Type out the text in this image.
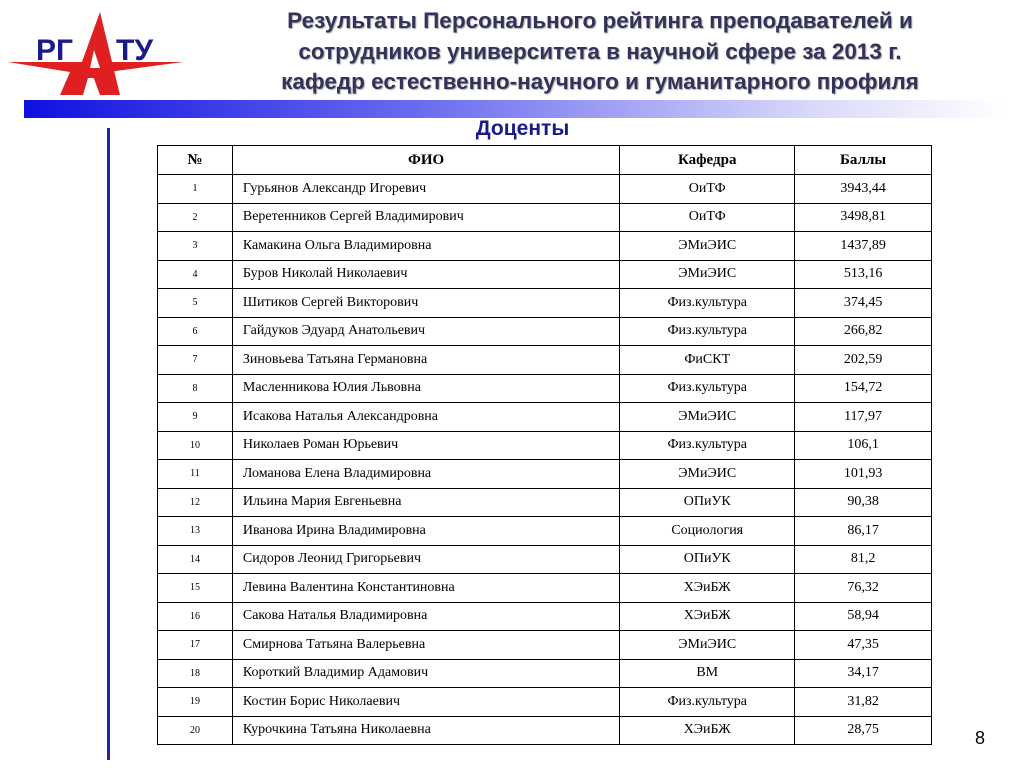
РГ ТУ
Результаты Персонального рейтинга преподавателей и
сотрудников университета в научной сфере за 2013 г.
кафедр естественно-научного и гуманитарного профиля
Доценты
№	ФИО	Кафедра	Баллы
1	Гурьянов Александр Игоревич	ОиТФ	3943,44
2	Веретенников Сергей Владимирович	ОиТФ	3498,81
3	Камакина Ольга Владимировна	ЭМиЭИС	1437,89
4	Буров Николай Николаевич	ЭМиЭИС	513,16
5	Шитиков Сергей Викторович	Физ.культура	374,45
6	Гайдуков Эдуард Анатольевич	Физ.культура	266,82
7	Зиновьева Татьяна Германовна	ФиСКТ	202,59
8	Масленникова Юлия Львовна	Физ.культура	154,72
9	Исакова Наталья Александровна	ЭМиЭИС	117,97
10	Николаев Роман Юрьевич	Физ.культура	106,1
11	Ломанова Елена Владимировна	ЭМиЭИС	101,93
12	Ильина Мария Евгеньевна	ОПиУК	90,38
13	Иванова Ирина Владимировна	Социология	86,17
14	Сидоров Леонид Григорьевич	ОПиУК	81,2
15	Левина Валентина Константиновна	ХЭиБЖ	76,32
16	Сакова Наталья Владимировна	ХЭиБЖ	58,94
17	Смирнова Татьяна Валерьевна	ЭМиЭИС	47,35
18	Короткий Владимир Адамович	ВМ	34,17
19	Костин Борис Николаевич	Физ.культура	31,82
20	Курочкина Татьяна Николаевна	ХЭиБЖ	28,75	8
